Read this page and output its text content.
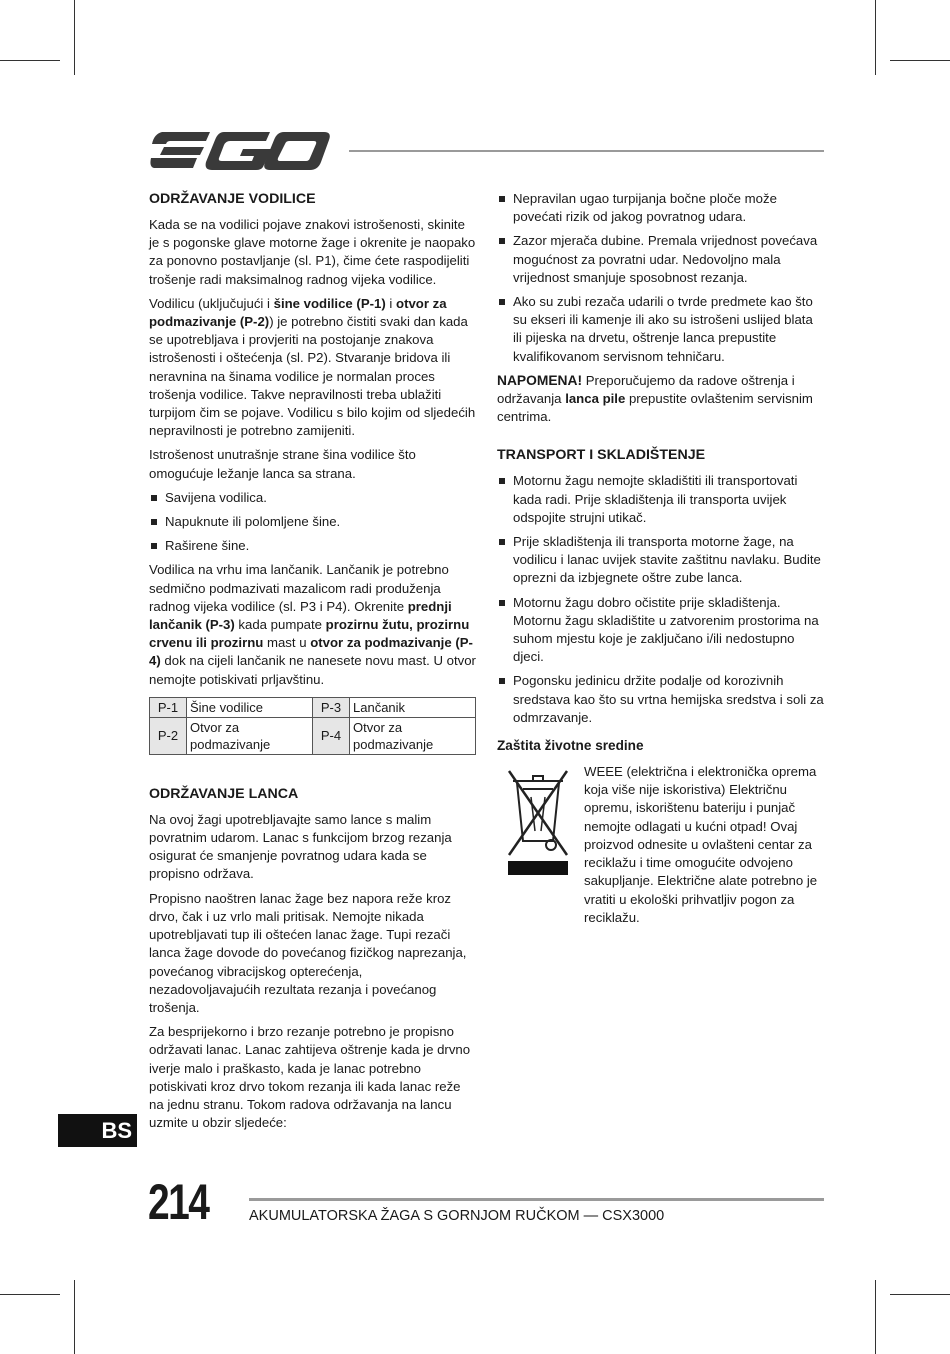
ODRŽAVANJE VODILICE

Kada se na vodilici pojave znakovi istrošenosti, skinite je s pogonske glave motorne žage i okrenite je naopako za ponovno postavljanje (sl. P1), čime ćete raspodijeliti trošenje radi maksimalnog radnog vijeka vodilice.

Vodilicu (uključujući i šine vodilice (P-1) i otvor za podmazivanje (P-2)) je potrebno čistiti svaki dan kada se upotrebljava i provjeriti na postojanje znakova istrošenosti i oštećenja (sl. P2). Stvaranje bridova ili neravnina na šinama vodilice je normalan proces trošenja vodilice. Takve nepravilnosti treba ublažiti turpijom čim se pojave. Vodilicu s bilo kojim od sljedećih nepravilnosti je potrebno zamijeniti.

Istrošenost unutrašnje strane šina vodilice što omogućuje ležanje lanca sa strana.

Savijena vodilica.
Napuknute ili polomljene šine.
Raširene šine.

Vodilica na vrhu ima lančanik. Lančanik je potrebno sedmično podmazivati mazalicom radi produženja radnog vijeka vodilice (sl. P3 i P4). Okrenite prednji lančanik (P-3) kada pumpate prozirnu žutu, prozirnu crvenu ili prozirnu mast u otvor za podmazivanje (P-4) dok na cijeli lančanik ne nanesete novu mast. U otvor nemojte potiskivati prljavštinu.

P-1	Šine vodilice	P-3	Lančanik
P-2	Otvor za podmazivanje	P-4	Otvor za podmazivanje
ODRŽAVANJE LANCA

Na ovoj žagi upotrebljavajte samo lance s malim povratnim udarom. Lanac s funkcijom brzog rezanja osigurat će smanjenje povratnog udara kada se propisno održava.

Propisno naoštren lanac žage bez napora reže kroz drvo, čak i uz vrlo mali pritisak. Nemojte nikada upotrebljavati tup ili oštećen lanac žage. Tupi rezači lanca žage dovode do povećanog fizičkog naprezanja, povećanog vibracijskog opterećenja, nezadovoljavajućih rezultata rezanja i povećanog trošenja.

Za besprijekorno i brzo rezanje potrebno je propisno održavati lanac. Lanac zahtijeva oštrenje kada je drvno iverje malo i praškasto, kada je lanac potrebno potiskivati kroz drvo tokom rezanja ili kada lanac reže na jednu stranu. Tokom radova održavanja na lancu uzmite u obzir sljedeće:

Nepravilan ugao turpijanja bočne ploče može povećati rizik od jakog povratnog udara.
Zazor mjerača dubine. Premala vrijednost povećava mogućnost za povratni udar. Nedovoljno mala vrijednost smanjuje sposobnost rezanja.
Ako su zubi rezača udarili o tvrde predmete kao što su ekseri ili kamenje ili ako su istrošeni uslijed blata ili pijeska na drvetu, oštrenje lanca prepustite kvalifikovanom servisnom tehničaru.

NAPOMENA! Preporučujemo da radove oštrenja i održavanja lanca pile prepustite ovlaštenim servisnim centrima.

TRANSPORT I SKLADIŠTENJE
Motornu žagu nemojte skladištiti ili transportovati kada radi. Prije skladištenja ili transporta uvijek odspojite strujni utikač.
Prije skladištenja ili transporta motorne žage, na vodilicu i lanac uvijek stavite zaštitnu navlaku. Budite oprezni da izbjegnete oštre zube lanca.
Motornu žagu dobro očistite prije skladištenja. Motornu žagu skladištite u zatvorenim prostorima na suhom mjestu koje je zaključano i/ili nedostupno djeci.
Pogonsku jedinicu držite podalje od korozivnih sredstava kao što su vrtna hemijska sredstva i soli za odmrzavanje.
Zaštita životne sredine

WEEE (električna i elektronička oprema koja više nije iskoristiva) Električnu opremu, iskorištenu bateriju i punjač nemojte odlagati u kućni otpad! Ovaj proizvod odnesite u ovlašteni centar za reciklažu i time omogućite odvojeno sakupljanje. Električne alate potrebno je vratiti u ekološki prihvatljiv pogon za reciklažu.

BS
214	AKUMULATORSKA ŽAGA S GORNJOM RUČKOM — CSX3000
